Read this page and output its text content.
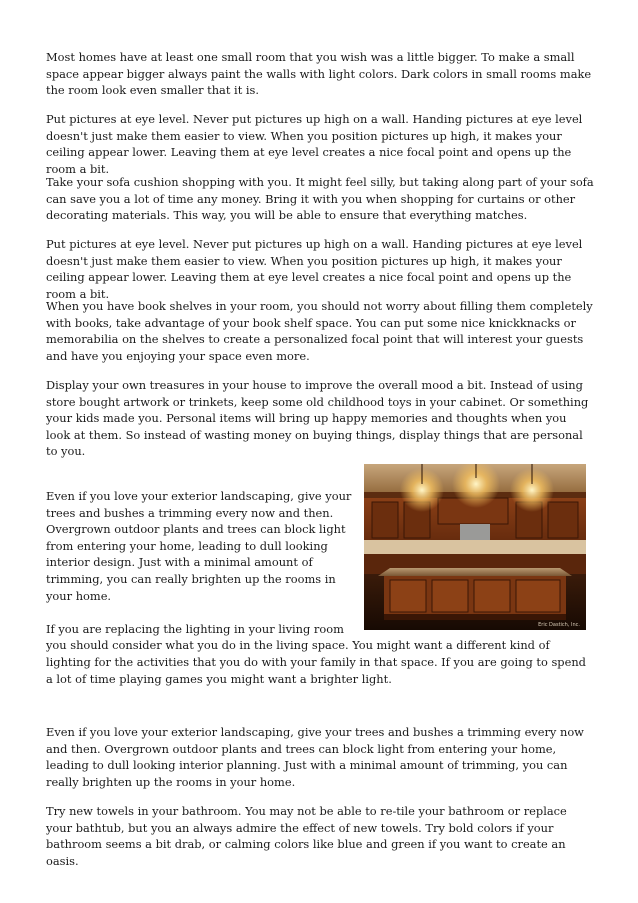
Most homes have at least one small room that you wish was a little bigger. To make a small space appear bigger always paint the walls with light colors. Dark colors in small rooms make the room look even smaller that it is.

Put pictures at eye level. Never put pictures up high on a wall. Handing pictures at eye level doesn't just make them easier to view. When you position pictures up high, it makes your ceiling appear lower. Leaving them at eye level creates a nice focal point and opens up the room a bit.

Take your sofa cushion shopping with you. It might feel silly, but taking along part of your sofa can save you a lot of time any money. Bring it with you when shopping for curtains or other decorating materials. This way, you will be able to ensure that everything matches.

Put pictures at eye level. Never put pictures up high on a wall. Handing pictures at eye level doesn't just make them easier to view. When you position pictures up high, it makes your ceiling appear lower. Leaving them at eye level creates a nice focal point and opens up the room a bit.

When you have book shelves in your room, you should not worry about filling them completely with books, take advantage of your book shelf space. You can put some nice knickknacks or memorabilia on the shelves to create a personalized focal point that will interest your guests and have you enjoying your space even more.

Display your own treasures in your house to improve the overall mood a bit. Instead of using store bought artwork or trinkets, keep some old childhood toys in your cabinet. Or something your kids made you. Personal items will bring up happy memories and thoughts when you look at them. So instead of wasting money on buying things, display things that are personal to you.

Eric Dastich, Inc.

Even if you love your exterior landscaping, give your trees and bushes a trimming every now and then. Overgrown outdoor plants and trees can block light from entering your home, leading to dull looking interior design. Just with a minimal amount of trimming, you can really brighten up the rooms in your home.

If you are replacing the lighting in your living room you should consider what you do in the living space. You might want a different kind of lighting for the activities that you do with your family in that space. If you are going to spend a lot of time playing games you might want a brighter light.

Even if you love your exterior landscaping, give your trees and bushes a trimming every now and then. Overgrown outdoor plants and trees can block light from entering your home, leading to dull looking interior planning. Just with a minimal amount of trimming, you can really brighten up the rooms in your home.

Try new towels in your bathroom. You may not be able to re-tile your bathroom or replace your bathtub, but you an always admire the effect of new towels. Try bold colors if your bathroom seems a bit drab, or calming colors like blue and green if you want to create an oasis.
